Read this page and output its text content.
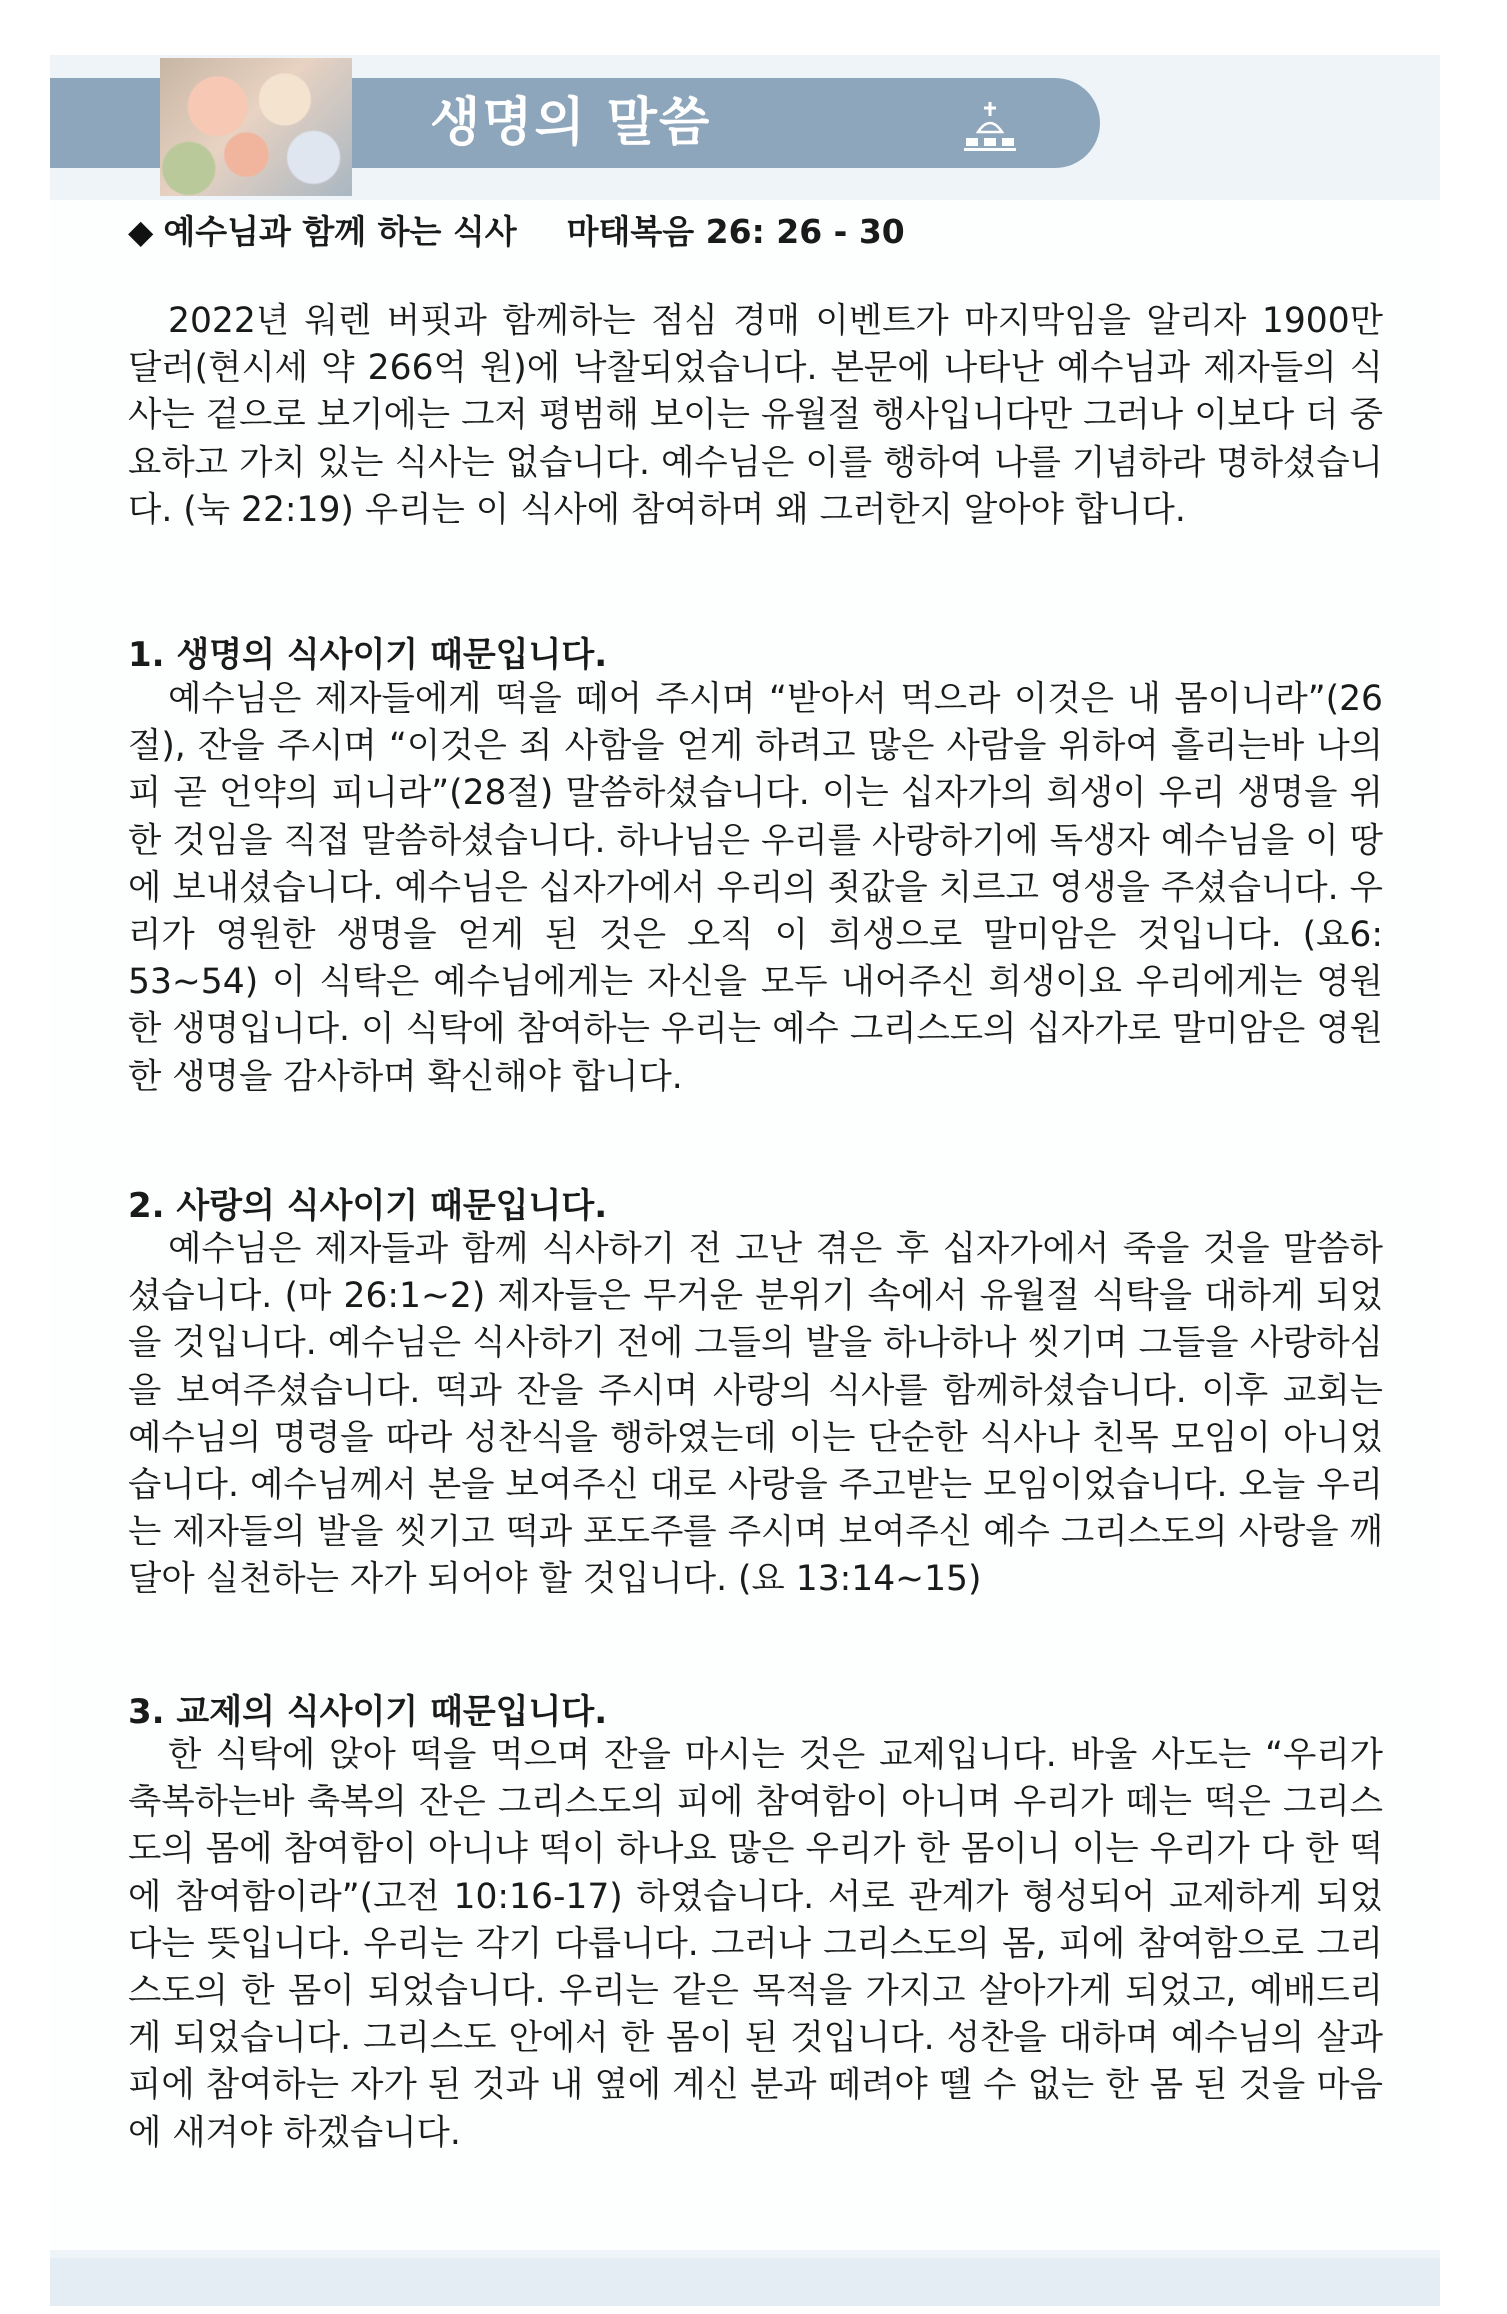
생명의 말씀
◆ 예수님과 함께 하는 식사 마태복음 26: 26 - 30
2022년 워렌 버핏과 함께하는 점심 경매 이벤트가 마지막임을 알리자 1900만 달러(현시세 약 266억 원)에 낙찰되었습니다. 본문에 나타난 예수님과 제자들의 식사는 겉으로 보기에는 그저 평범해 보이는 유월절 행사입니다만 그러나 이보다 더 중요하고 가치 있는 식사는 없습니다. 예수님은 이를 행하여 나를 기념하라 명하셨습니다. (눅 22:19) 우리는 이 식사에 참여하며 왜 그러한지 알아야 합니다.
1. 생명의 식사이기 때문입니다.
예수님은 제자들에게 떡을 떼어 주시며 “받아서 먹으라 이것은 내 몸이니라”(26절), 잔을 주시며 “이것은 죄 사함을 얻게 하려고 많은 사람을 위하여 흘리는바 나의 피 곧 언약의 피니라”(28절) 말씀하셨습니다. 이는 십자가의 희생이 우리 생명을 위한 것임을 직접 말씀하셨습니다. 하나님은 우리를 사랑하기에 독생자 예수님을 이 땅에 보내셨습니다. 예수님은 십자가에서 우리의 죗값을 치르고 영생을 주셨습니다. 우리가 영원한 생명을 얻게 된 것은 오직 이 희생으로 말미암은 것입니다. (요6: 53~54) 이 식탁은 예수님에게는 자신을 모두 내어주신 희생이요 우리에게는 영원한 생명입니다. 이 식탁에 참여하는 우리는 예수 그리스도의 십자가로 말미암은 영원한 생명을 감사하며 확신해야 합니다.
2. 사랑의 식사이기 때문입니다.
예수님은 제자들과 함께 식사하기 전 고난 겪은 후 십자가에서 죽을 것을 말씀하셨습니다. (마 26:1~2) 제자들은 무거운 분위기 속에서 유월절 식탁을 대하게 되었을 것입니다. 예수님은 식사하기 전에 그들의 발을 하나하나 씻기며 그들을 사랑하심을 보여주셨습니다. 떡과 잔을 주시며 사랑의 식사를 함께하셨습니다. 이후 교회는 예수님의 명령을 따라 성찬식을 행하였는데 이는 단순한 식사나 친목 모임이 아니었습니다. 예수님께서 본을 보여주신 대로 사랑을 주고받는 모임이었습니다. 오늘 우리는 제자들의 발을 씻기고 떡과 포도주를 주시며 보여주신 예수 그리스도의 사랑을 깨달아 실천하는 자가 되어야 할 것입니다. (요 13:14~15)
3. 교제의 식사이기 때문입니다.
한 식탁에 앉아 떡을 먹으며 잔을 마시는 것은 교제입니다. 바울 사도는 “우리가 축복하는바 축복의 잔은 그리스도의 피에 참여함이 아니며 우리가 떼는 떡은 그리스도의 몸에 참여함이 아니냐 떡이 하나요 많은 우리가 한 몸이니 이는 우리가 다 한 떡에 참여함이라”(고전 10:16-17) 하였습니다. 서로 관계가 형성되어 교제하게 되었다는 뜻입니다. 우리는 각기 다릅니다. 그러나 그리스도의 몸, 피에 참여함으로 그리스도의 한 몸이 되었습니다. 우리는 같은 목적을 가지고 살아가게 되었고, 예배드리게 되었습니다. 그리스도 안에서 한 몸이 된 것입니다. 성찬을 대하며 예수님의 살과 피에 참여하는 자가 된 것과 내 옆에 계신 분과 떼려야 뗄 수 없는 한 몸 된 것을 마음에 새겨야 하겠습니다.
